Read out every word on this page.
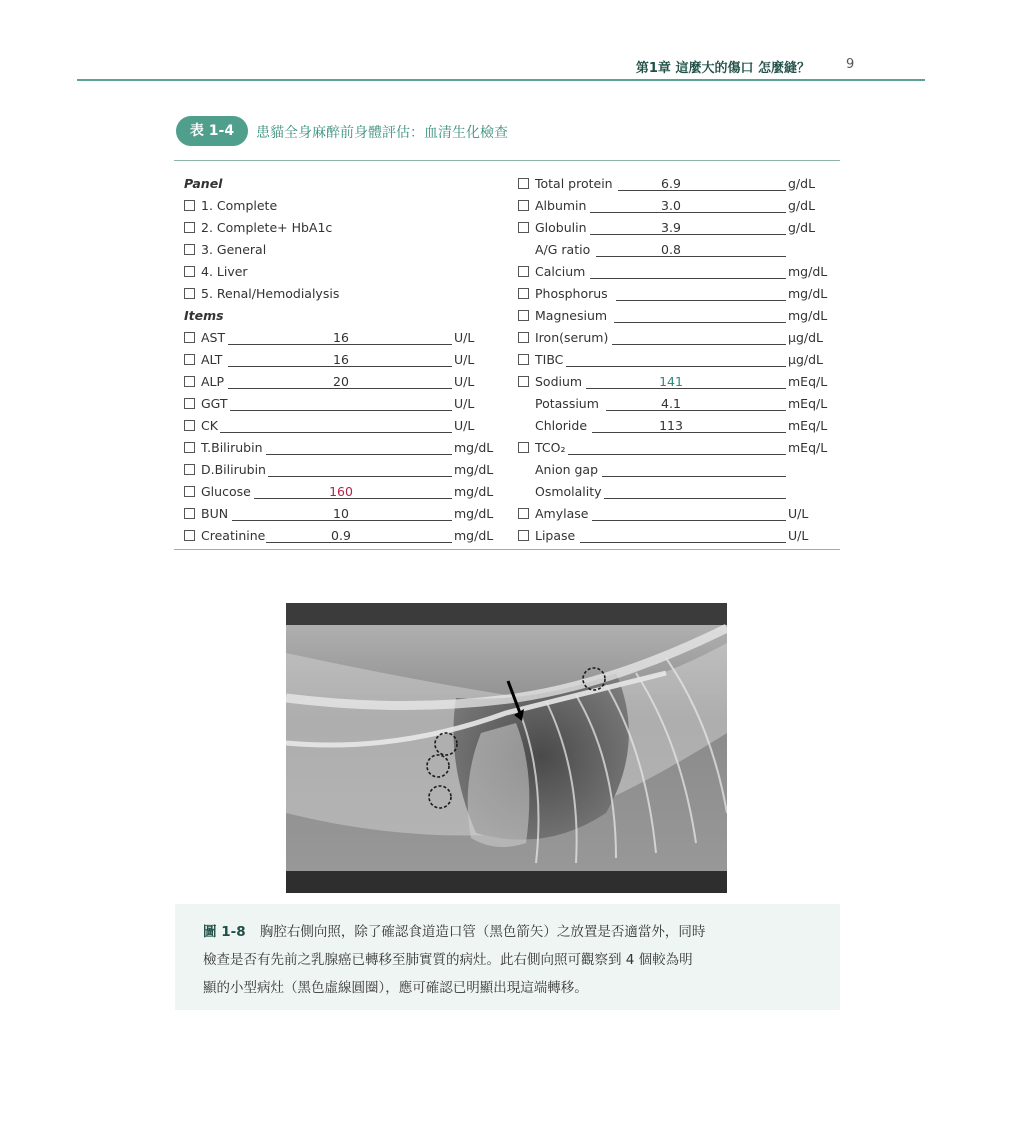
第1章 這麼大的傷口 怎麼縫？	9
表 1-4	患貓全身麻醉前身體評估：血清生化檢查
Panel
1. Complete
2. Complete+ HbA1c
3. General
4. Liver
5. Renal/Hemodialysis
Items
AST	16	U/L
ALT	16	U/L
ALP	20	U/L
GGT	U/L
CK	U/L
T.Bilirubin	mg/dL
D.Bilirubin	mg/dL
Glucose	160	mg/dL
BUN	10	mg/dL
Creatinine	0.9	mg/dL
Total protein	6.9	g/dL
Albumin	3.0	g/dL
Globulin	3.9	g/dL
A/G ratio	0.8
Calcium	mg/dL
Phosphorus	mg/dL
Magnesium	mg/dL
Iron(serum)	μg/dL
TIBC	μg/dL
Sodium	141	mEq/L
Potassium	4.1	mEq/L
Chloride	113	mEq/L
TCO₂	mEq/L
Anion gap
Osmolality
Amylase	U/L
Lipase	U/L
圖 1-8 胸腔右側向照，除了確認食道造口管（黑色箭矢）之放置是否適當外，同時
檢查是否有先前之乳腺癌已轉移至肺實質的病灶。此右側向照可觀察到 4 個較為明
顯的小型病灶（黑色虛線圓圈），應可確認已明顯出現這端轉移。
